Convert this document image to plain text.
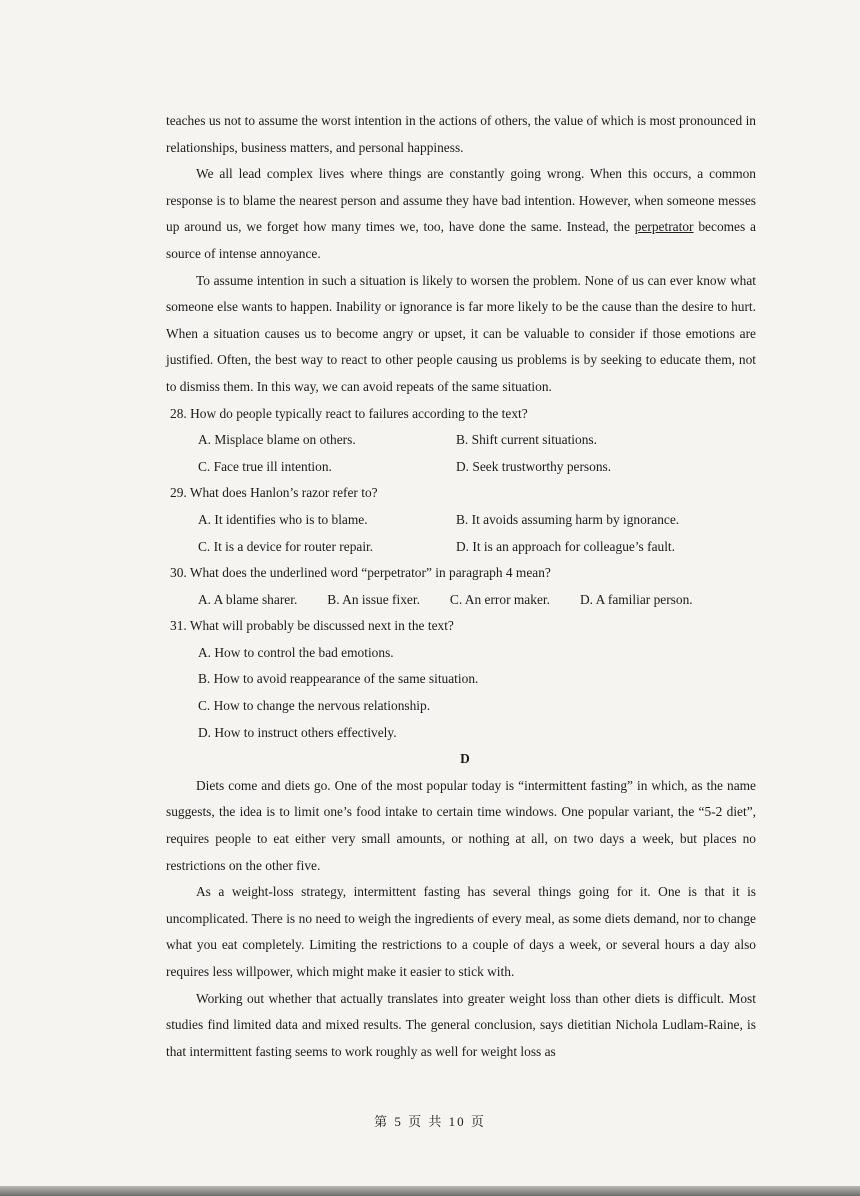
teaches us not to assume the worst intention in the actions of others, the value of which is most pronounced in relationships, business matters, and personal happiness.

We all lead complex lives where things are constantly going wrong. When this occurs, a common response is to blame the nearest person and assume they have bad intention. However, when someone messes up around us, we forget how many times we, too, have done the same. Instead, the perpetrator becomes a source of intense annoyance.

To assume intention in such a situation is likely to worsen the problem. None of us can ever know what someone else wants to happen. Inability or ignorance is far more likely to be the cause than the desire to hurt. When a situation causes us to become angry or upset, it can be valuable to consider if those emotions are justified. Often, the best way to react to other people causing us problems is by seeking to educate them, not to dismiss them. In this way, we can avoid repeats of the same situation.

28. How do people typically react to failures according to the text?

A. Misplace blame on others.	B. Shift current situations.
C. Face true ill intention.	D. Seek trustworthy persons.

29. What does Hanlon’s razor refer to?

A. It identifies who is to blame.	B. It avoids assuming harm by ignorance.
C. It is a device for router repair.	D. It is an approach for colleague’s fault.

30. What does the underlined word “perpetrator” in paragraph 4 mean?

A. A blame sharer. B. An issue fixer. C. An error maker. D. A familiar person.

31. What will probably be discussed next in the text?

A. How to control the bad emotions.
B. How to avoid reappearance of the same situation.
C. How to change the nervous relationship.
D. How to instruct others effectively.

D

Diets come and diets go. One of the most popular today is “intermittent fasting” in which, as the name suggests, the idea is to limit one’s food intake to certain time windows. One popular variant, the “5-2 diet”, requires people to eat either very small amounts, or nothing at all, on two days a week, but places no restrictions on the other five.

As a weight-loss strategy, intermittent fasting has several things going for it. One is that it is uncomplicated. There is no need to weigh the ingredients of every meal, as some diets demand, nor to change what you eat completely. Limiting the restrictions to a couple of days a week, or several hours a day also requires less willpower, which might make it easier to stick with.

Working out whether that actually translates into greater weight loss than other diets is difficult. Most studies find limited data and mixed results. The general conclusion, says dietitian Nichola Ludlam-Raine, is that intermittent fasting seems to work roughly as well for weight loss as

第 5 页 共 10 页
